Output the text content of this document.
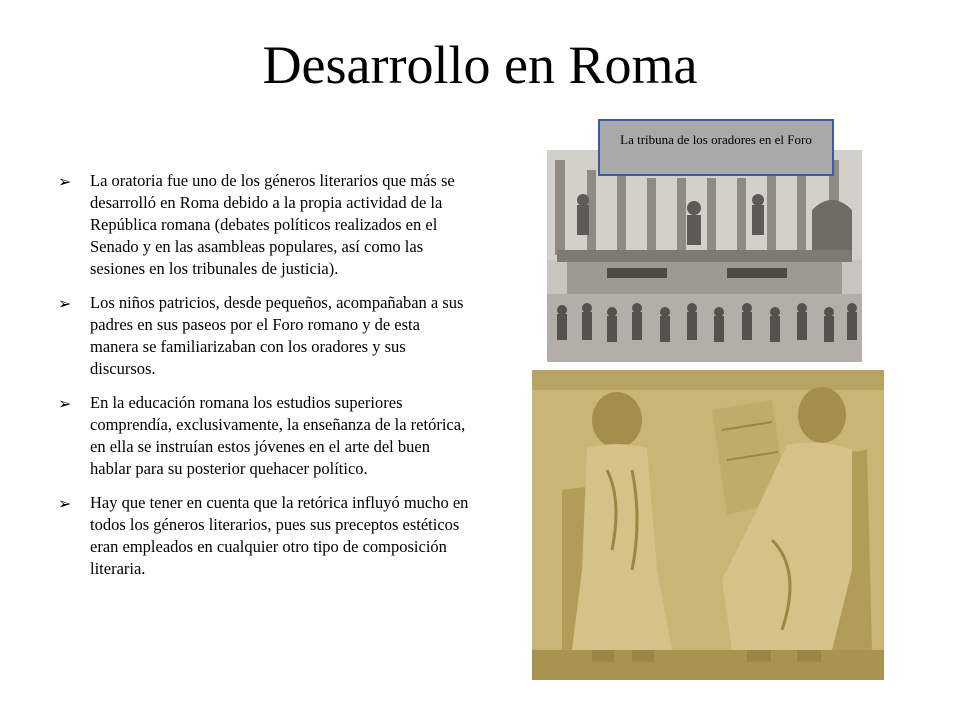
Desarrollo en Roma
➢ La oratoria fue uno de los géneros literarios que más se desarrolló en Roma debido a la propia actividad de la República romana (debates políticos realizados en el Senado y en las asambleas populares, así como las sesiones en los tribunales de justicia).
➢ Los niños patricios, desde pequeños, acompañaban a sus padres en sus paseos por el Foro romano y de esta manera se familiarizaban con los oradores y sus discursos.
➢ En la educación romana los estudios superiores comprendía, exclusivamente, la enseñanza de la retórica, en ella se instruían estos jóvenes en el arte del buen hablar para su posterior quehacer político.
➢ Hay que tener en cuenta que la retórica influyó mucho en todos los géneros literarios, pues sus preceptos estéticos eran empleados en cualquier otro tipo de composición literaria.
La tribuna de los oradores en el Foro
